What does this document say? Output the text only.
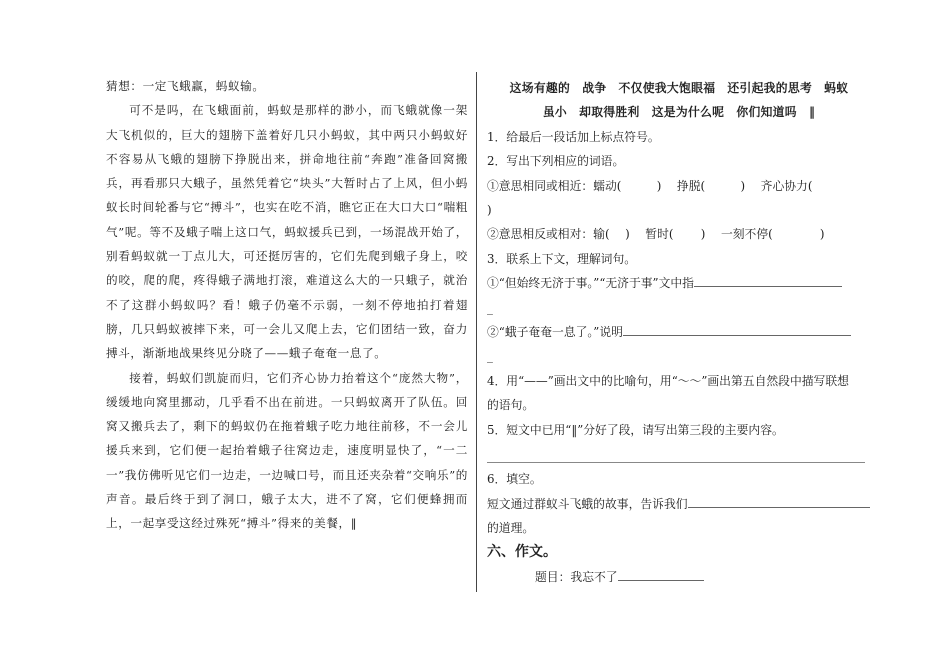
猜想：一定飞蛾赢，蚂蚁输。

可不是吗，在飞蛾面前，蚂蚁是那样的渺小，而飞蛾就像一架大飞机似的，巨大的翅膀下盖着好几只小蚂蚁，其中两只小蚂蚁好不容易从飞蛾的翅膀下挣脱出来，拼命地往前“奔跑”准备回窝搬兵，再看那只大蛾子，虽然凭着它“块头”大暂时占了上风，但小蚂蚁长时间轮番与它“搏斗”，也实在吃不消，瞧它正在大口大口“喘粗气”呢。等不及蛾子喘上这口气，蚂蚁援兵已到，一场混战开始了，别看蚂蚁就一丁点儿大，可还挺厉害的，它们先爬到蛾子身上，咬的咬，爬的爬，疼得蛾子满地打滚，难道这么大的一只蛾子，就治不了这群小蚂蚁吗？看！蛾子仍毫不示弱，一刻不停地拍打着翅膀，几只蚂蚁被摔下来，可一会儿又爬上去，它们团结一致，奋力搏斗，渐渐地战果终见分晓了——蛾子奄奄一息了。

接着，蚂蚁们凯旋而归，它们齐心协力抬着这个“庞然大物”，缓缓地向窝里挪动，几乎看不出在前进。一只蚂蚁离开了队伍。回窝又搬兵去了，剩下的蚂蚁仍在拖着蛾子吃力地往前移，不一会儿援兵来到，它们便一起抬着蛾子往窝边走，速度明显快了，“一二一”我仿佛听见它们一边走，一边喊口号，而且还夹杂着“交响乐”的声音。最后终于到了洞口，蛾子太大，进不了窝，它们便蜂拥而上，一起享受这经过殊死“搏斗”得来的美餐，‖

这场有趣的　战争　不仅使我大饱眼福　还引起我的思考　蚂蚁

虽小　却取得胜利　这是为什么呢　你们知道吗　‖

1．给最后一段话加上标点符号。

2．写出下列相应的词语。

①意思相同或相近：蠕动(　　　)　 挣脱(　　　)　 齐心协力(

)

②意思相反或相对：输(　 )　 暂时(　　 )　 一刻不停(　　　　)

3．联系上下文，理解词句。

①“但始终无济于事。”“无济于事”文中指

_

②“蛾子奄奄一息了。”说明

_

4．用“——”画出文中的比喻句，用“～～”画出第五自然段中描写联想

的语句。

5．短文中已用“‖”分好了段，请写出第三段的主要内容。

6．填空。

短文通过群蚁斗飞蛾的故事，告诉我们

的道理。

六、作文。

题目：我忘不了
